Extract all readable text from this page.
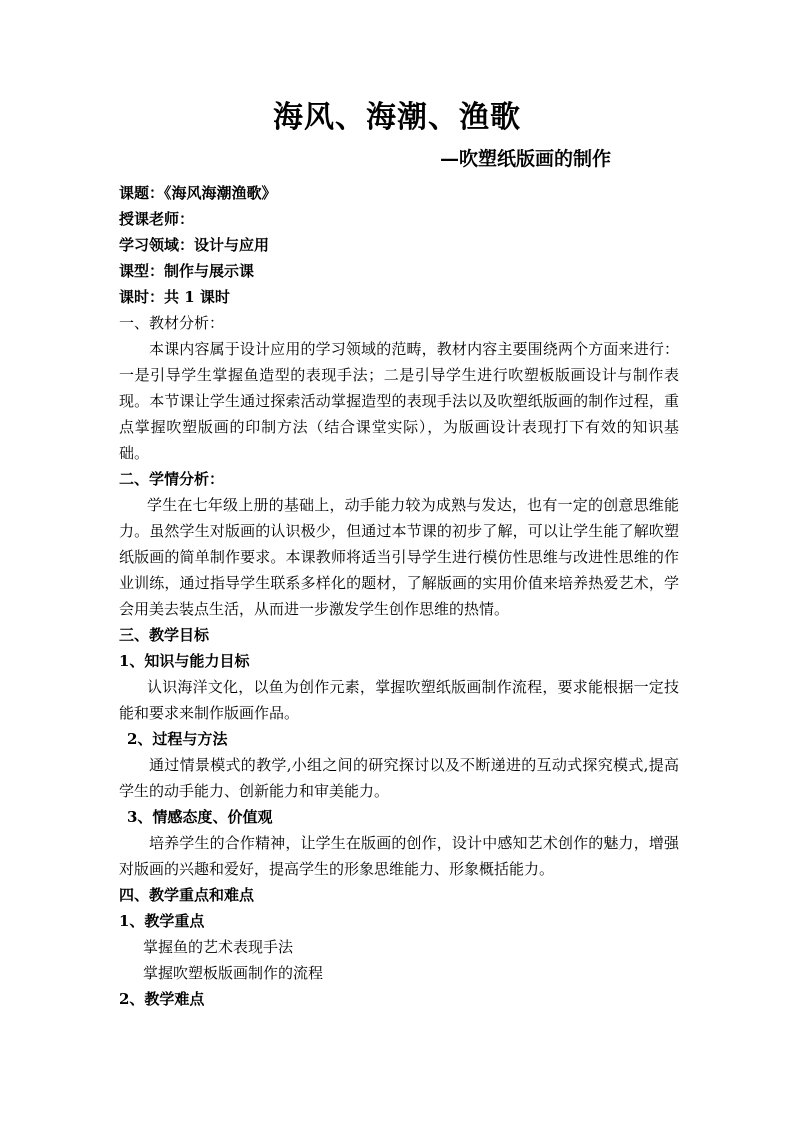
海风、海潮、渔歌
—吹塑纸版画的制作
课题：《海风海潮渔歌》
授课老师：
学习领域：设计与应用
课型：制作与展示课
课时：共 1 课时
一、教材分析：

本课内容属于设计应用的学习领域的范畴，教材内容主要围绕两个方面来进行：一是引导学生掌握鱼造型的表现手法；二是引导学生进行吹塑板版画设计与制作表现。本节课让学生通过探索活动掌握造型的表现手法以及吹塑纸版画的制作过程，重点掌握吹塑版画的印制方法（结合课堂实际），为版画设计表现打下有效的知识基础。

二、学情分析：

学生在七年级上册的基础上，动手能力较为成熟与发达，也有一定的创意思维能力。虽然学生对版画的认识极少，但通过本节课的初步了解，可以让学生能了解吹塑纸版画的简单制作要求。本课教师将适当引导学生进行模仿性思维与改进性思维的作业训练，通过指导学生联系多样化的题材，了解版画的实用价值来培养热爱艺术，学会用美去装点生活，从而进一步激发学生创作思维的热情。

三、教学目标
1、知识与能力目标

认识海洋文化，以鱼为创作元素，掌握吹塑纸版画制作流程，要求能根据一定技能和要求来制作版画作品。

2、过程与方法

通过情景模式的教学,小组之间的研究探讨以及不断递进的互动式探究模式,提高学生的动手能力、创新能力和审美能力。

3、情感态度、价值观

培养学生的合作精神，让学生在版画的创作，设计中感知艺术创作的魅力，增强对版画的兴趣和爱好，提高学生的形象思维能力、形象概括能力。

四、教学重点和难点
1、教学重点
掌握鱼的艺术表现手法
掌握吹塑板版画制作的流程
2、教学难点
